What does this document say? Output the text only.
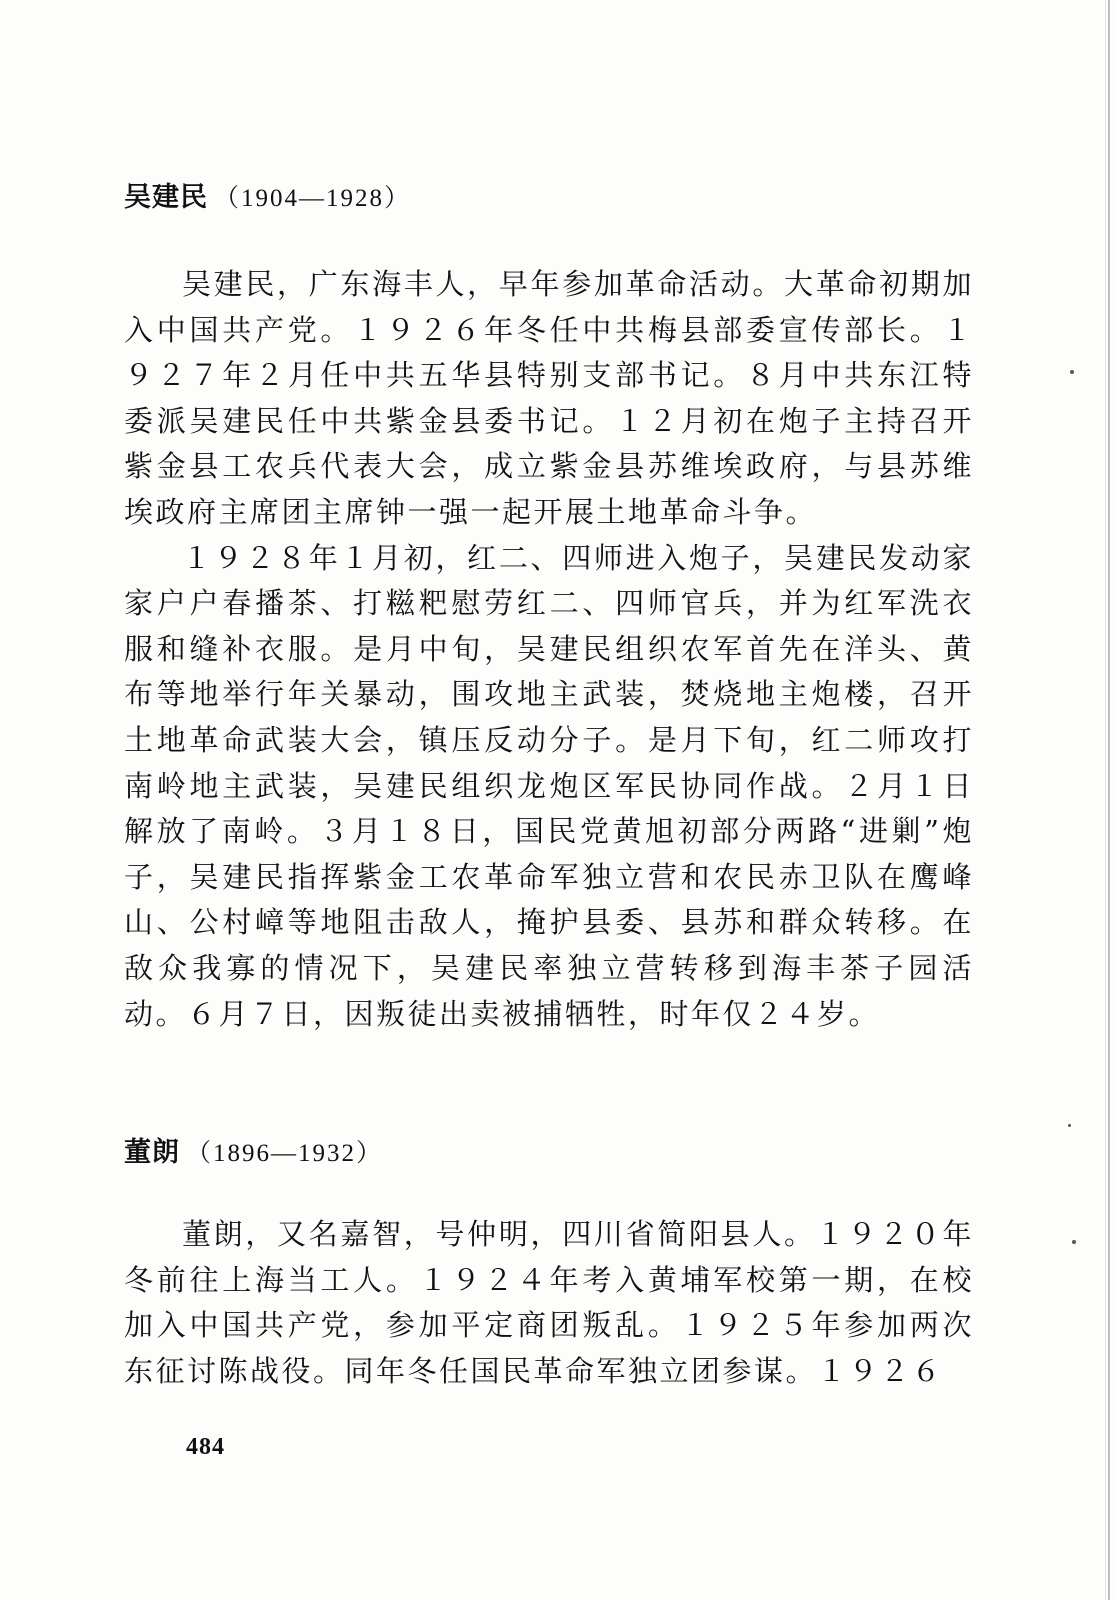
吴建民 （1904—1928）

吴建民，广东海丰人，早年参加革命活动。大革命初期加入中国共产党。１９２６年冬任中共梅县部委宣传部长。１９２７年２月任中共五华县特别支部书记。８月中共东江特委派吴建民任中共紫金县委书记。１２月初在炮子主持召开紫金县工农兵代表大会，成立紫金县苏维埃政府，与县苏维埃政府主席团主席钟一强一起开展土地革命斗争。

１９２８年１月初，红二、四师进入炮子，吴建民发动家家户户春播茶、打糍粑慰劳红二、四师官兵，并为红军洗衣服和缝补衣服。是月中旬，吴建民组织农军首先在洋头、黄布等地举行年关暴动，围攻地主武装，焚烧地主炮楼，召开土地革命武装大会，镇压反动分子。是月下旬，红二师攻打南岭地主武装，吴建民组织龙炮区军民协同作战。２月１日解放了南岭。３月１８日，国民党黄旭初部分两路“进剿”炮子，吴建民指挥紫金工农革命军独立营和农民赤卫队在鹰峰山、公村嶂等地阻击敌人，掩护县委、县苏和群众转移。在敌众我寡的情况下，吴建民率独立营转移到海丰茶子园活动。６月７日，因叛徒出卖被捕牺牲，时年仅２４岁。

董朗 （1896—1932）

董朗，又名嘉智，号仲明，四川省简阳县人。１９２０年冬前往上海当工人。１９２４年考入黄埔军校第一期，在校加入中国共产党，参加平定商团叛乱。１９２５年参加两次东征讨陈战役。同年冬任国民革命军独立团参谋。１９２６

484
